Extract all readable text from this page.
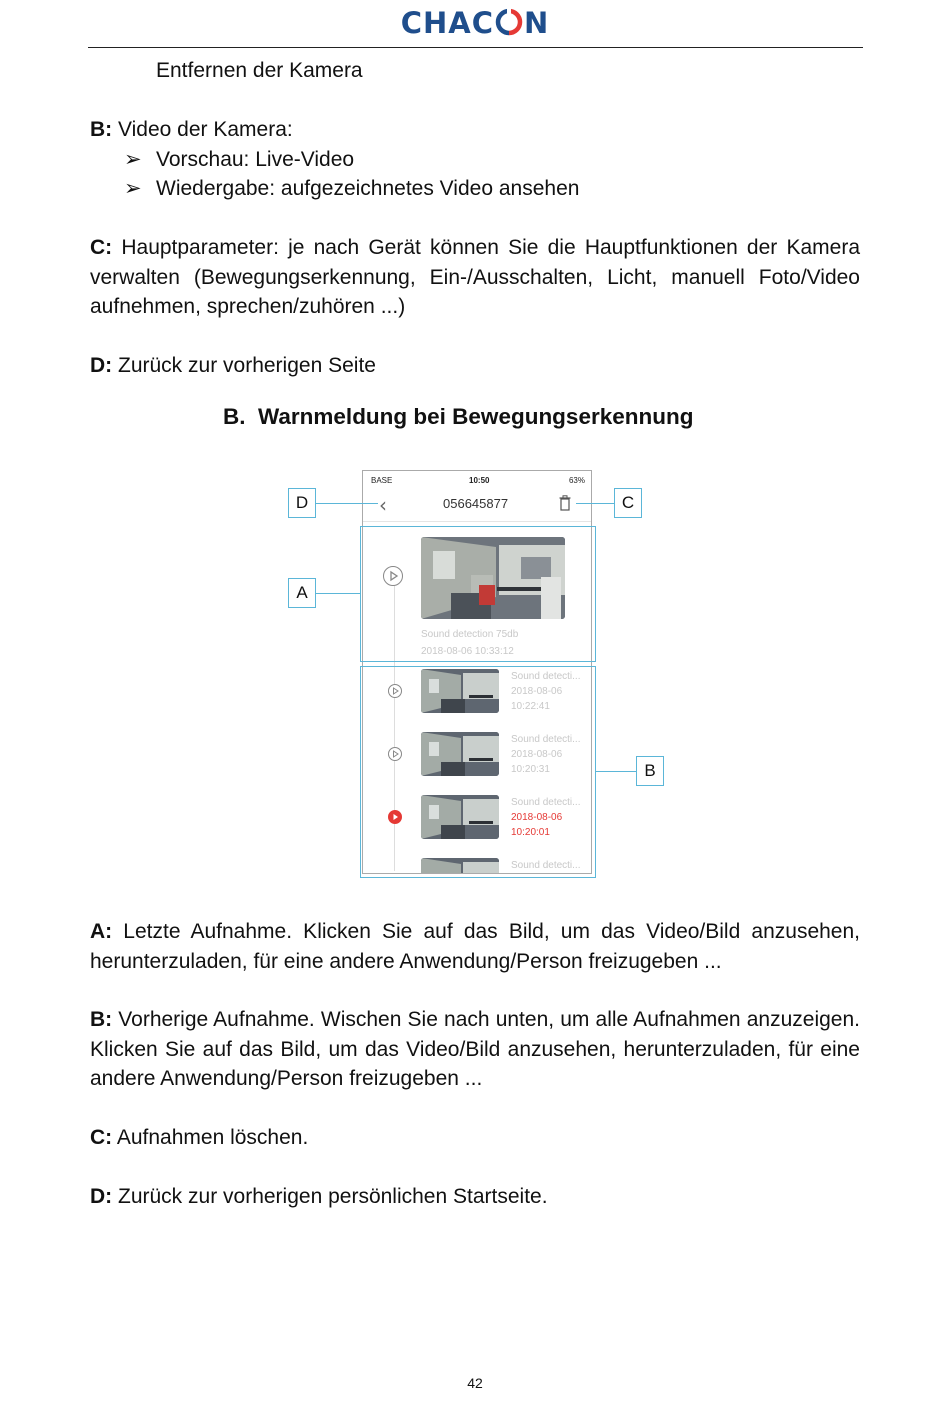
CHAC N
Entfernen der Kamera
B: Video der Kamera:
➢ Vorschau: Live-Video
➢ Wiedergabe: aufgezeichnetes Video ansehen
C: Hauptparameter: je nach Gerät können Sie die Hauptfunktionen der Kamera verwalten (Bewegungserkennung, Ein-/Ausschalten, Licht, manuell Foto/Video aufnehmen, sprechen/zuhören ...)
D: Zurück zur vorherigen Seite
B.  Warnmeldung bei Bewegungserkennung
BASE	10:50	63%
‹	056645877
Sound detection 75db
2018-08-06 10:33:12
Sound detecti...
2018-08-06
10:22:41
Sound detecti...
2018-08-06
10:20:31
Sound detecti...
2018-08-06
10:20:01
Sound detecti...
D	C
A
B
A: Letzte Aufnahme. Klicken Sie auf das Bild, um das Video/Bild anzusehen, herunterzuladen, für eine andere Anwendung/Person freizugeben ...
B: Vorherige Aufnahme. Wischen Sie nach unten, um alle Aufnahmen anzuzeigen. Klicken Sie auf das Bild, um das Video/Bild anzusehen, herunterzuladen, für eine andere Anwendung/Person freizugeben ...
C: Aufnahmen löschen.
D: Zurück zur vorherigen persönlichen Startseite.
42
